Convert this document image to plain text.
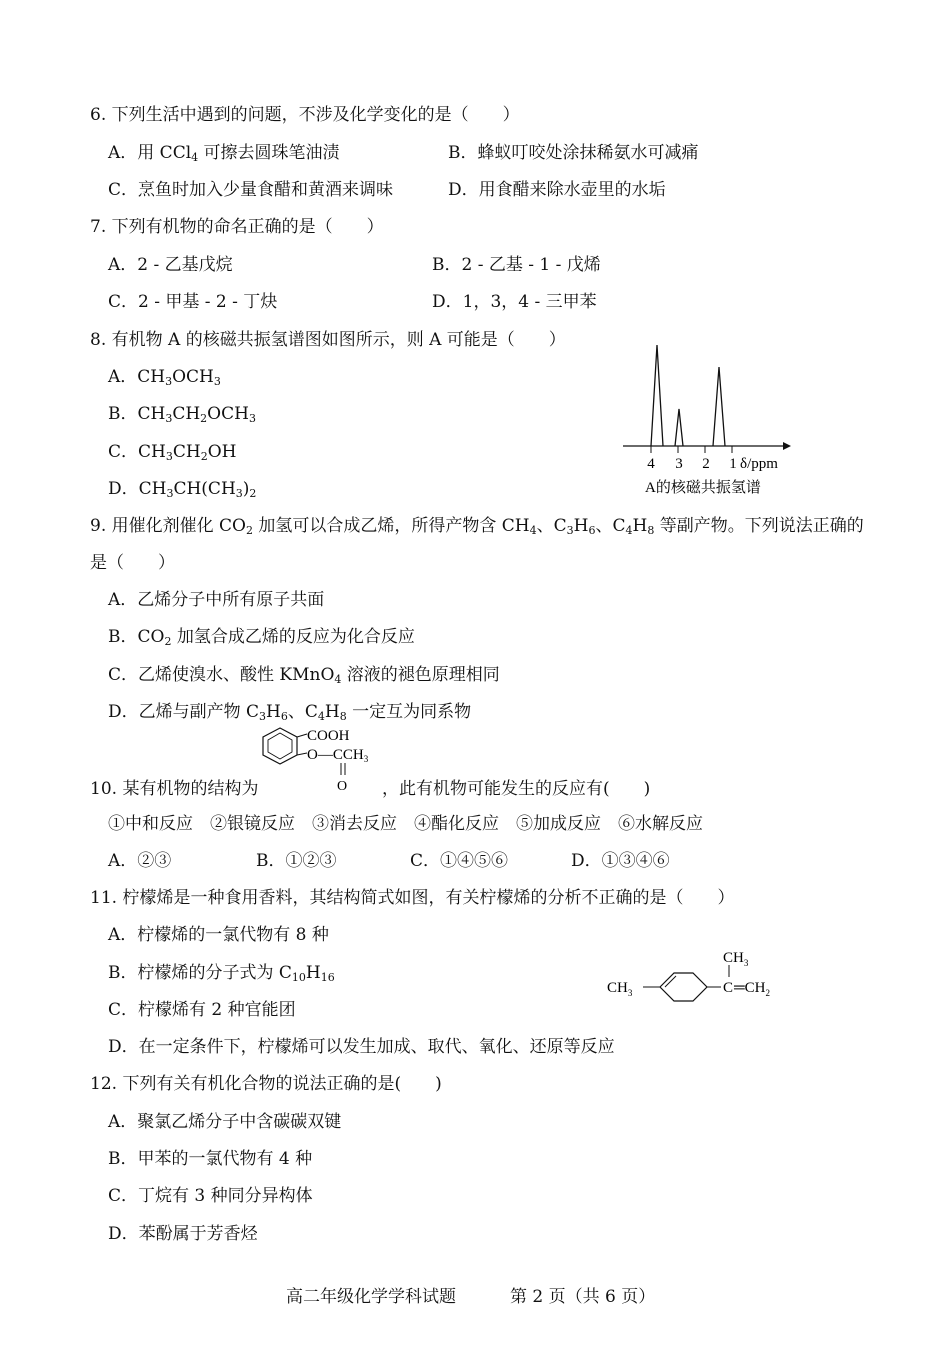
6. 下列生活中遇到的问题，不涉及化学变化的是（　　）
A．用 CCl$_4$ 可擦去圆珠笔油渍	B．蜂蚁叮咬处涂抹稀氨水可减痛
C．烹鱼时加入少量食醋和黄酒来调味	D．用食醋来除水壶里的水垢
7. 下列有机物的命名正确的是（　　）
A．2 - 乙基戊烷	B．2 - 乙基 - 1 - 戊烯
C．2 - 甲基 - 2 - 丁炔	D．1，3，4 - 三甲苯
8. 有机物 A 的核磁共振氢谱图如图所示，则 A 可能是（　　）
A．$CH_3OCH_3$
B．$CH_3CH_2OCH_3$
C．$CH_3CH_2OH$
D．$CH_3CH(CH_3)_2$
4 3 2 1 δ/ppm
A的核磁共振氢谱
9. 用催化剂催化 $CO_2$ 加氢可以合成乙烯，所得产物含 $CH_4$、$C_3H_6$、$C_4H_8$ 等副产物。下列说法正确的
是（　　）
A．乙烯分子中所有原子共面
B．$CO_2$ 加氢合成乙烯的反应为化合反应
C．乙烯使溴水、酸性 KMnO$_4$ 溶液的褪色原理相同
D．乙烯与副产物 $C_3H_6$、$C_4H_8$ 一定互为同系物
COOH
$O—CCH_3$
O
10. 某有机物的结构为	，此有机物可能发生的反应有(　　)
①中和反应　②银镜反应　③消去反应　④酯化反应　⑤加成反应　⑥水解反应
A．②③	B．①②③	C．①④⑤⑥	D．①③④⑥
11. 柠檬烯是一种食用香料，其结构简式如图，有关柠檬烯的分析不正确的是（　　）
A．柠檬烯的一氯代物有 8 种
B．柠檬烯的分子式为 $C_{10}H_{16}$
C．柠檬烯有 2 种官能团
D．在一定条件下，柠檬烯可以发生加成、取代、氧化、还原等反应
$CH_3$	C
$CH_3$
$═CH_2$
12. 下列有关有机化合物的说法正确的是(　　)
A．聚氯乙烯分子中含碳碳双键
B．甲苯的一氯代物有 4 种
C．丁烷有 3 种同分异构体
D．苯酚属于芳香烃
高二年级化学学科试题	第 2 页（共 6 页）
